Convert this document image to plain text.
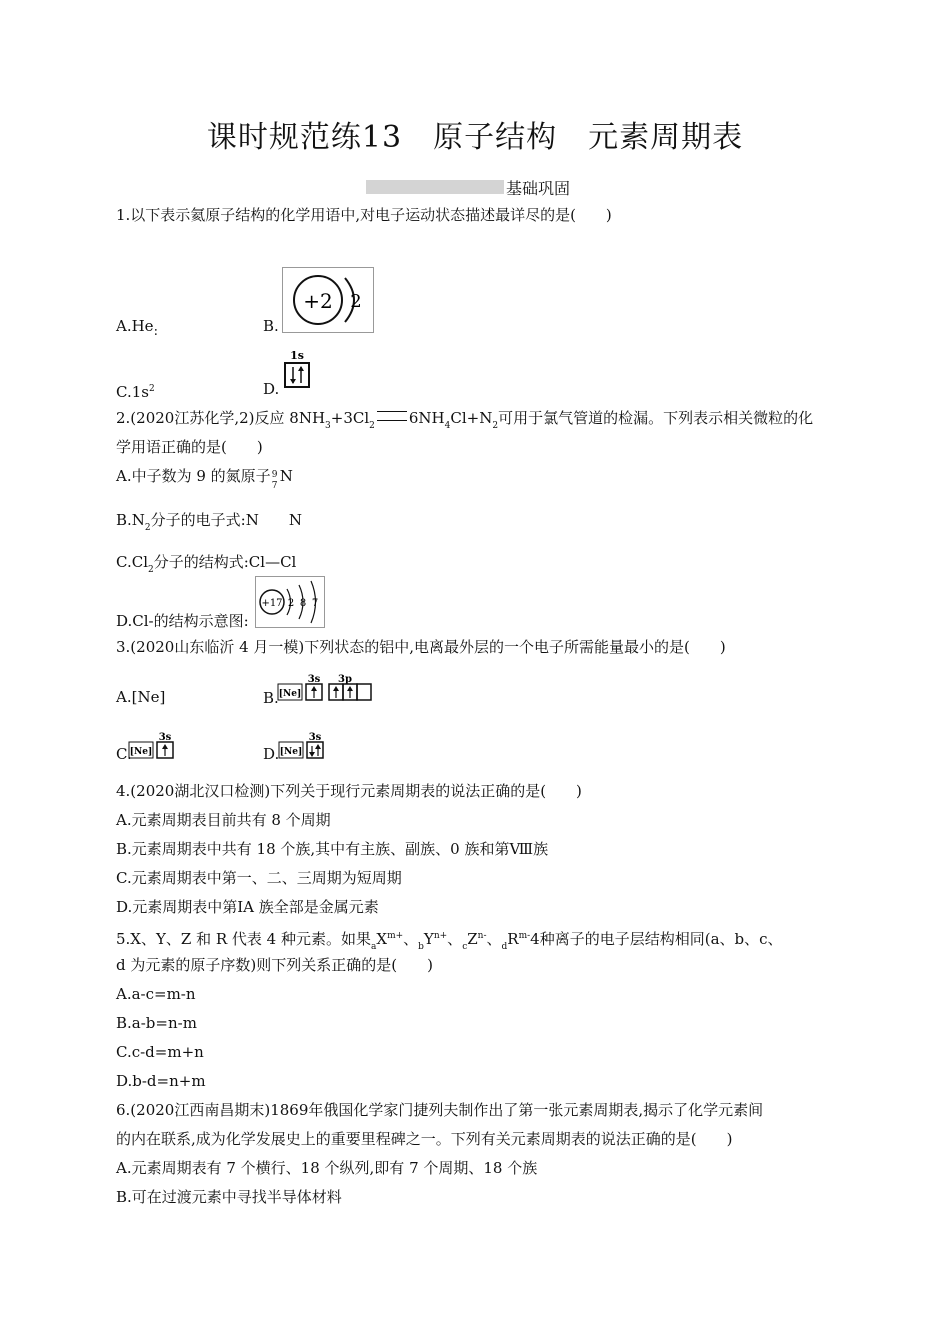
课时规范练13　原子结构　元素周期表
基础巩固
1.以下表示氦原子结构的化学用语中,对电子运动状态描述最详尽的是(　　)
A.He:	B.
+2 2
$C.1s^2$	D.
1s
2.(2020江苏化学,2)反应 $8NH_3+3Cl_2$ $6NH_4Cl+N_2$可用于氯气管道的检漏。下列表示相关微粒的化
学用语正确的是(　　)
A.中子数为 9 的氮原子 9
7
N
$B.N_2$分子的电子式:N　　N
$C.Cl_2$分子的结构式:Cl—Cl
D.Cl-的结构示意图:
+17 2 8 7
3.(2020山东临沂 4 月一模)下列状态的铝中,电离最外层的一个电子所需能量最小的是(　　)
A.[Ne]	B.
3s 3p
[Ne]
C.
3s
[Ne]	D.
3s
[Ne]
4.(2020湖北汉口检测)下列关于现行元素周期表的说法正确的是(　　)
A.元素周期表目前共有 8 个周期
B.元素周期表中共有 18 个族,其中有主族、副族、0 族和第Ⅷ族
C.元素周期表中第一、二、三周期为短周期
D.元素周期表中第ⅠA 族全部是金属元素
5.X、Y、Z 和 R 代表 4 种元素。如果$_aX^{m+}$、$_bY^{n+}$、$_cZ^{n-}$、$_dR^{m-}4$种离子的电子层结构相同(a、b、c、
d 为元素的原子序数)则下列关系正确的是(　　)
A.a-c=m-n
B.a-b=n-m
C.c-d=m+n
D.b-d=n+m
6.(2020江西南昌期末)1869年俄国化学家门捷列夫制作出了第一张元素周期表,揭示了化学元素间
的内在联系,成为化学发展史上的重要里程碑之一。下列有关元素周期表的说法正确的是(　　)
A.元素周期表有 7 个横行、18 个纵列,即有 7 个周期、18 个族
B.可在过渡元素中寻找半导体材料
